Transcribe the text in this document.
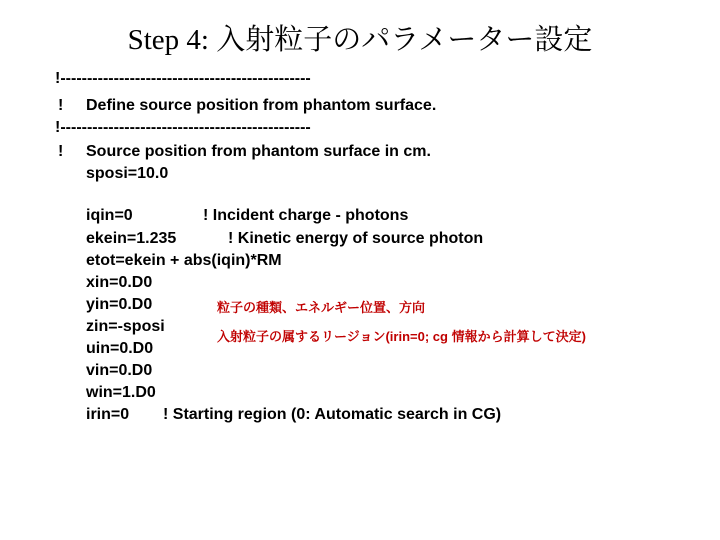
Step 4: 入射粒子のパラメーター設定
!-----------------------------------------------
! Define source position from phantom surface.
!-----------------------------------------------
! Source position from phantom surface in cm.
sposi=10.0
iqin=0	! Incident charge - photons
ekein=1.235	! Kinetic energy of source photon
etot=ekein + abs(iqin)*RM
xin=0.D0
yin=0.D0
zin=-sposi
uin=0.D0
vin=0.D0
win=1.D0
irin=0 ! Starting region (0: Automatic search in CG)
粒子の種類、エネルギー位置、方向
入射粒子の属するリージョン(irin=0; cg 情報から計算して決定)
